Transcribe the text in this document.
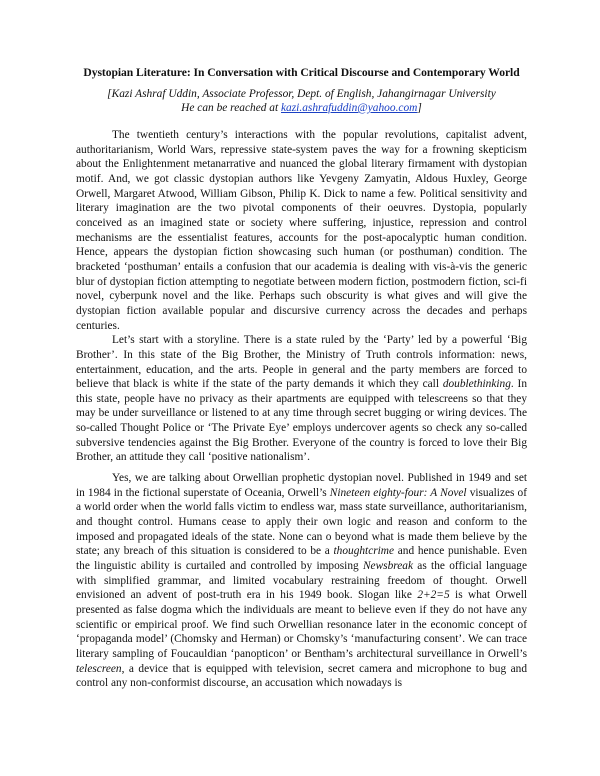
Dystopian Literature: In Conversation with Critical Discourse and Contemporary World
[Kazi Ashraf Uddin, Associate Professor, Dept. of English, Jahangirnagar University
He can be reached at kazi.ashrafuddin@yahoo.com]

The twentieth century’s interactions with the popular revolutions, capitalist advent, authoritarianism, World Wars, repressive state-system paves the way for a frowning skepticism about the Enlightenment metanarrative and nuanced the global literary firmament with dystopian motif. And, we got classic dystopian authors like Yevgeny Zamyatin, Aldous Huxley, George Orwell, Margaret Atwood, William Gibson, Philip K. Dick to name a few. Political sensitivity and literary imagination are the two pivotal components of their oeuvres. Dystopia, popularly conceived as an imagined state or society where suffering, injustice, repression and control mechanisms are the essentialist features, accounts for the post-apocalyptic human condition. Hence, appears the dystopian fiction showcasing such human (or posthuman) condition. The bracketed ‘posthuman’ entails a confusion that our academia is dealing with vis-à-vis the generic blur of dystopian fiction attempting to negotiate between modern fiction, postmodern fiction, sci-fi novel, cyberpunk novel and the like. Perhaps such obscurity is what gives and will give the dystopian fiction available popular and discursive currency across the decades and perhaps centuries.

Let’s start with a storyline. There is a state ruled by the ‘Party’ led by a powerful ‘Big Brother’. In this state of the Big Brother, the Ministry of Truth controls information: news, entertainment, education, and the arts. People in general and the party members are forced to believe that black is white if the state of the party demands it which they call doublethinking. In this state, people have no privacy as their apartments are equipped with telescreens so that they may be under surveillance or listened to at any time through secret bugging or wiring devices. The so-called Thought Police or ‘The Private Eye’ employs undercover agents so check any so-called subversive tendencies against the Big Brother. Everyone of the country is forced to love their Big Brother, an attitude they call ‘positive nationalism’.

Yes, we are talking about Orwellian prophetic dystopian novel. Published in 1949 and set in 1984 in the fictional superstate of Oceania, Orwell’s Nineteen eighty-four: A Novel visualizes of a world order when the world falls victim to endless war, mass state surveillance, authoritarianism, and thought control. Humans cease to apply their own logic and reason and conform to the imposed and propagated ideals of the state. None can o beyond what is made them believe by the state; any breach of this situation is considered to be a thoughtcrime and hence punishable. Even the linguistic ability is curtailed and controlled by imposing Newsbreak as the official language with simplified grammar, and limited vocabulary restraining freedom of thought. Orwell envisioned an advent of post-truth era in his 1949 book. Slogan like 2+2=5 is what Orwell presented as false dogma which the individuals are meant to believe even if they do not have any scientific or empirical proof. We find such Orwellian resonance later in the economic concept of ‘propaganda model’ (Chomsky and Herman) or Chomsky’s ‘manufacturing consent’. We can trace literary sampling of Foucauldian ‘panopticon’ or Bentham’s architectural surveillance in Orwell’s telescreen, a device that is equipped with television, secret camera and microphone to bug and control any non-conformist discourse, an accusation which nowadays is
